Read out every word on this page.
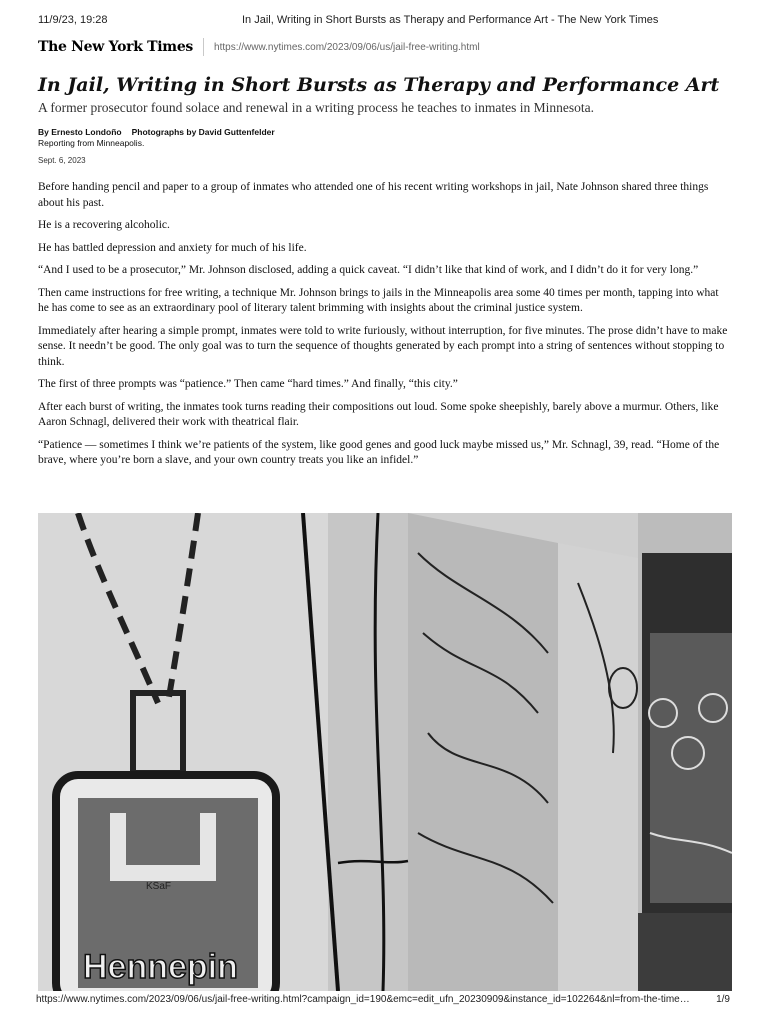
11/9/23, 19:28	In Jail, Writing in Short Bursts as Therapy and Performance Art - The New York Times
The New York Times https://www.nytimes.com/2023/09/06/us/jail-free-writing.html
In Jail, Writing in Short Bursts as Therapy and Performance Art

A former prosecutor found solace and renewal in a writing process he teaches to inmates in Minnesota.

By Ernesto Londoño Photographs by David Guttenfelder
Reporting from Minneapolis.
Sept. 6, 2023

Before handing pencil and paper to a group of inmates who attended one of his recent writing workshops in jail, Nate Johnson shared three things about his past.

He is a recovering alcoholic.

He has battled depression and anxiety for much of his life.

“And I used to be a prosecutor,” Mr. Johnson disclosed, adding a quick caveat. “I didn’t like that kind of work, and I didn’t do it for very long.”

Then came instructions for free writing, a technique Mr. Johnson brings to jails in the Minneapolis area some 40 times per month, tapping into what he has come to see as an extraordinary pool of literary talent brimming with insights about the criminal justice system.

Immediately after hearing a simple prompt, inmates were told to write furiously, without interruption, for five minutes. The prose didn’t have to make sense. It needn’t be good. The only goal was to turn the sequence of thoughts generated by each prompt into a string of sentences without stopping to think.

The first of three prompts was “patience.” Then came “hard times.” And finally, “this city.”

After each burst of writing, the inmates took turns reading their compositions out loud. Some spoke sheepishly, barely above a murmur. Others, like Aaron Schnagl, delivered their work with theatrical flair.

“Patience — sometimes I think we’re patients of the system, like good genes and good luck maybe missed us,” Mr. Schnagl, 39, read. “Home of the brave, where you’re born a slave, and your own country treats you like an infidel.”

Hennepin
KSaF
https://www.nytimes.com/2023/09/06/us/jail-free-writing.html?campaign_id=190&emc=edit_ufn_20230909&instance_id=102264&nl=from-the-time…	1/9
